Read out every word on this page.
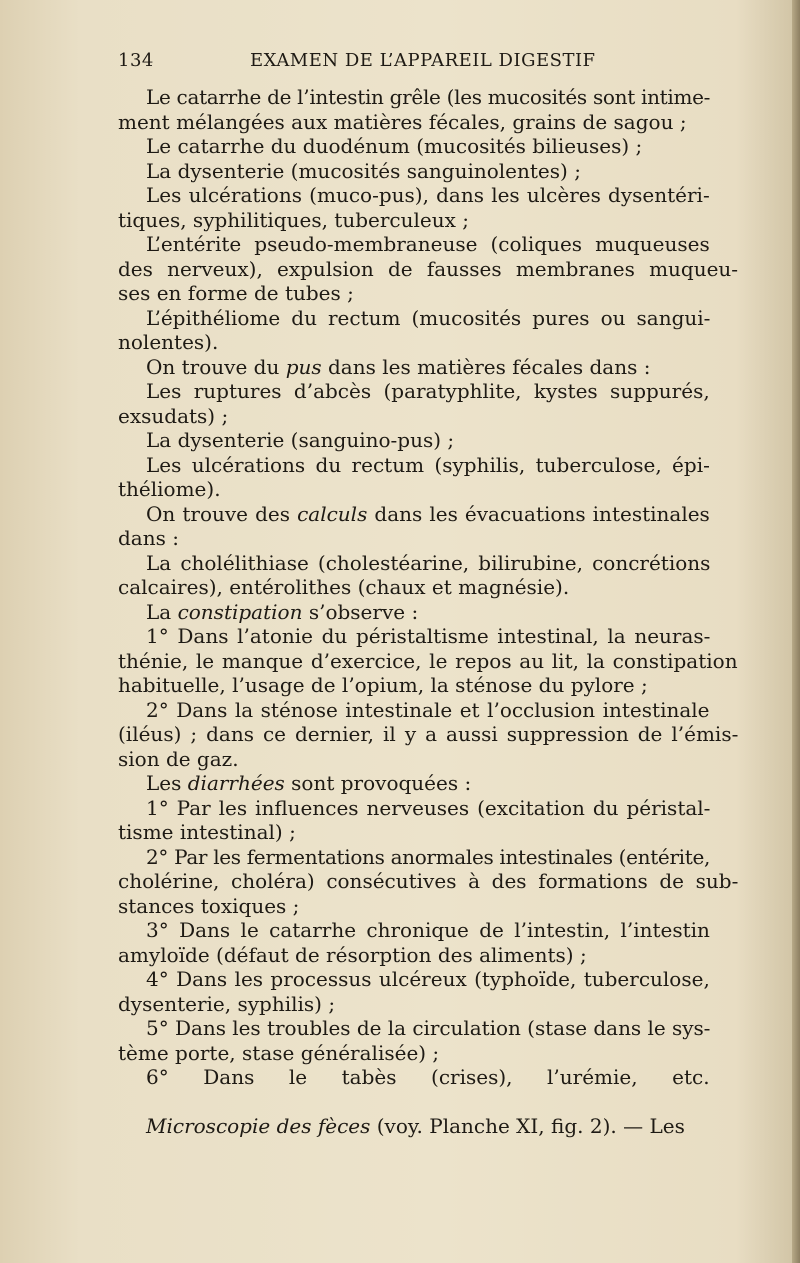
134	EXAMEN DE L’APPAREIL DIGESTIF
Le catarrhe de l’intestin grêle (les mucosités sont intime-
ment mélangées aux matières fécales, grains de sagou ;
Le catarrhe du duodénum (mucosités bilieuses) ;
La dysenterie (mucosités sanguinolentes) ;
Les ulcérations (muco-pus), dans les ulcères dysentéri-
tiques, syphilitiques, tuberculeux ;
L’entérite pseudo-membraneuse (coliques muqueuses
des nerveux), expulsion de fausses membranes muqueu-
ses en forme de tubes ;
L’épithéliome du rectum (mucosités pures ou sangui-
nolentes).
On trouve du pus dans les matières fécales dans :
Les ruptures d’abcès (paratyphlite, kystes suppurés,
exsudats) ;
La dysenterie (sanguino-pus) ;
Les ulcérations du rectum (syphilis, tuberculose, épi-
théliome).
On trouve des calculs dans les évacuations intestinales
dans :
La cholélithiase (cholestéarine, bilirubine, concrétions
calcaires), entérolithes (chaux et magnésie).
La constipation s’observe :
1° Dans l’atonie du péristaltisme intestinal, la neuras-
thénie, le manque d’exercice, le repos au lit, la constipation
habituelle, l’usage de l’opium, la sténose du pylore ;
2° Dans la sténose intestinale et l’occlusion intestinale
(iléus) ; dans ce dernier, il y a aussi suppression de l’émis-
sion de gaz.
Les diarrhées sont provoquées :
1° Par les influences nerveuses (excitation du péristal-
tisme intestinal) ;
2° Par les fermentations anormales intestinales (entérite,
cholérine, choléra) consécutives à des formations de sub-
stances toxiques ;
3° Dans le catarrhe chronique de l’intestin, l’intestin
amyloïde (défaut de résorption des aliments) ;
4° Dans les processus ulcéreux (typhoïde, tuberculose,
dysenterie, syphilis) ;
5° Dans les troubles de la circulation (stase dans le sys-
tème porte, stase généralisée) ;
6° Dans le tabès (crises), l’urémie, etc.

Microscopie des fèces (voy. Planche XI, fig. 2). — Les
